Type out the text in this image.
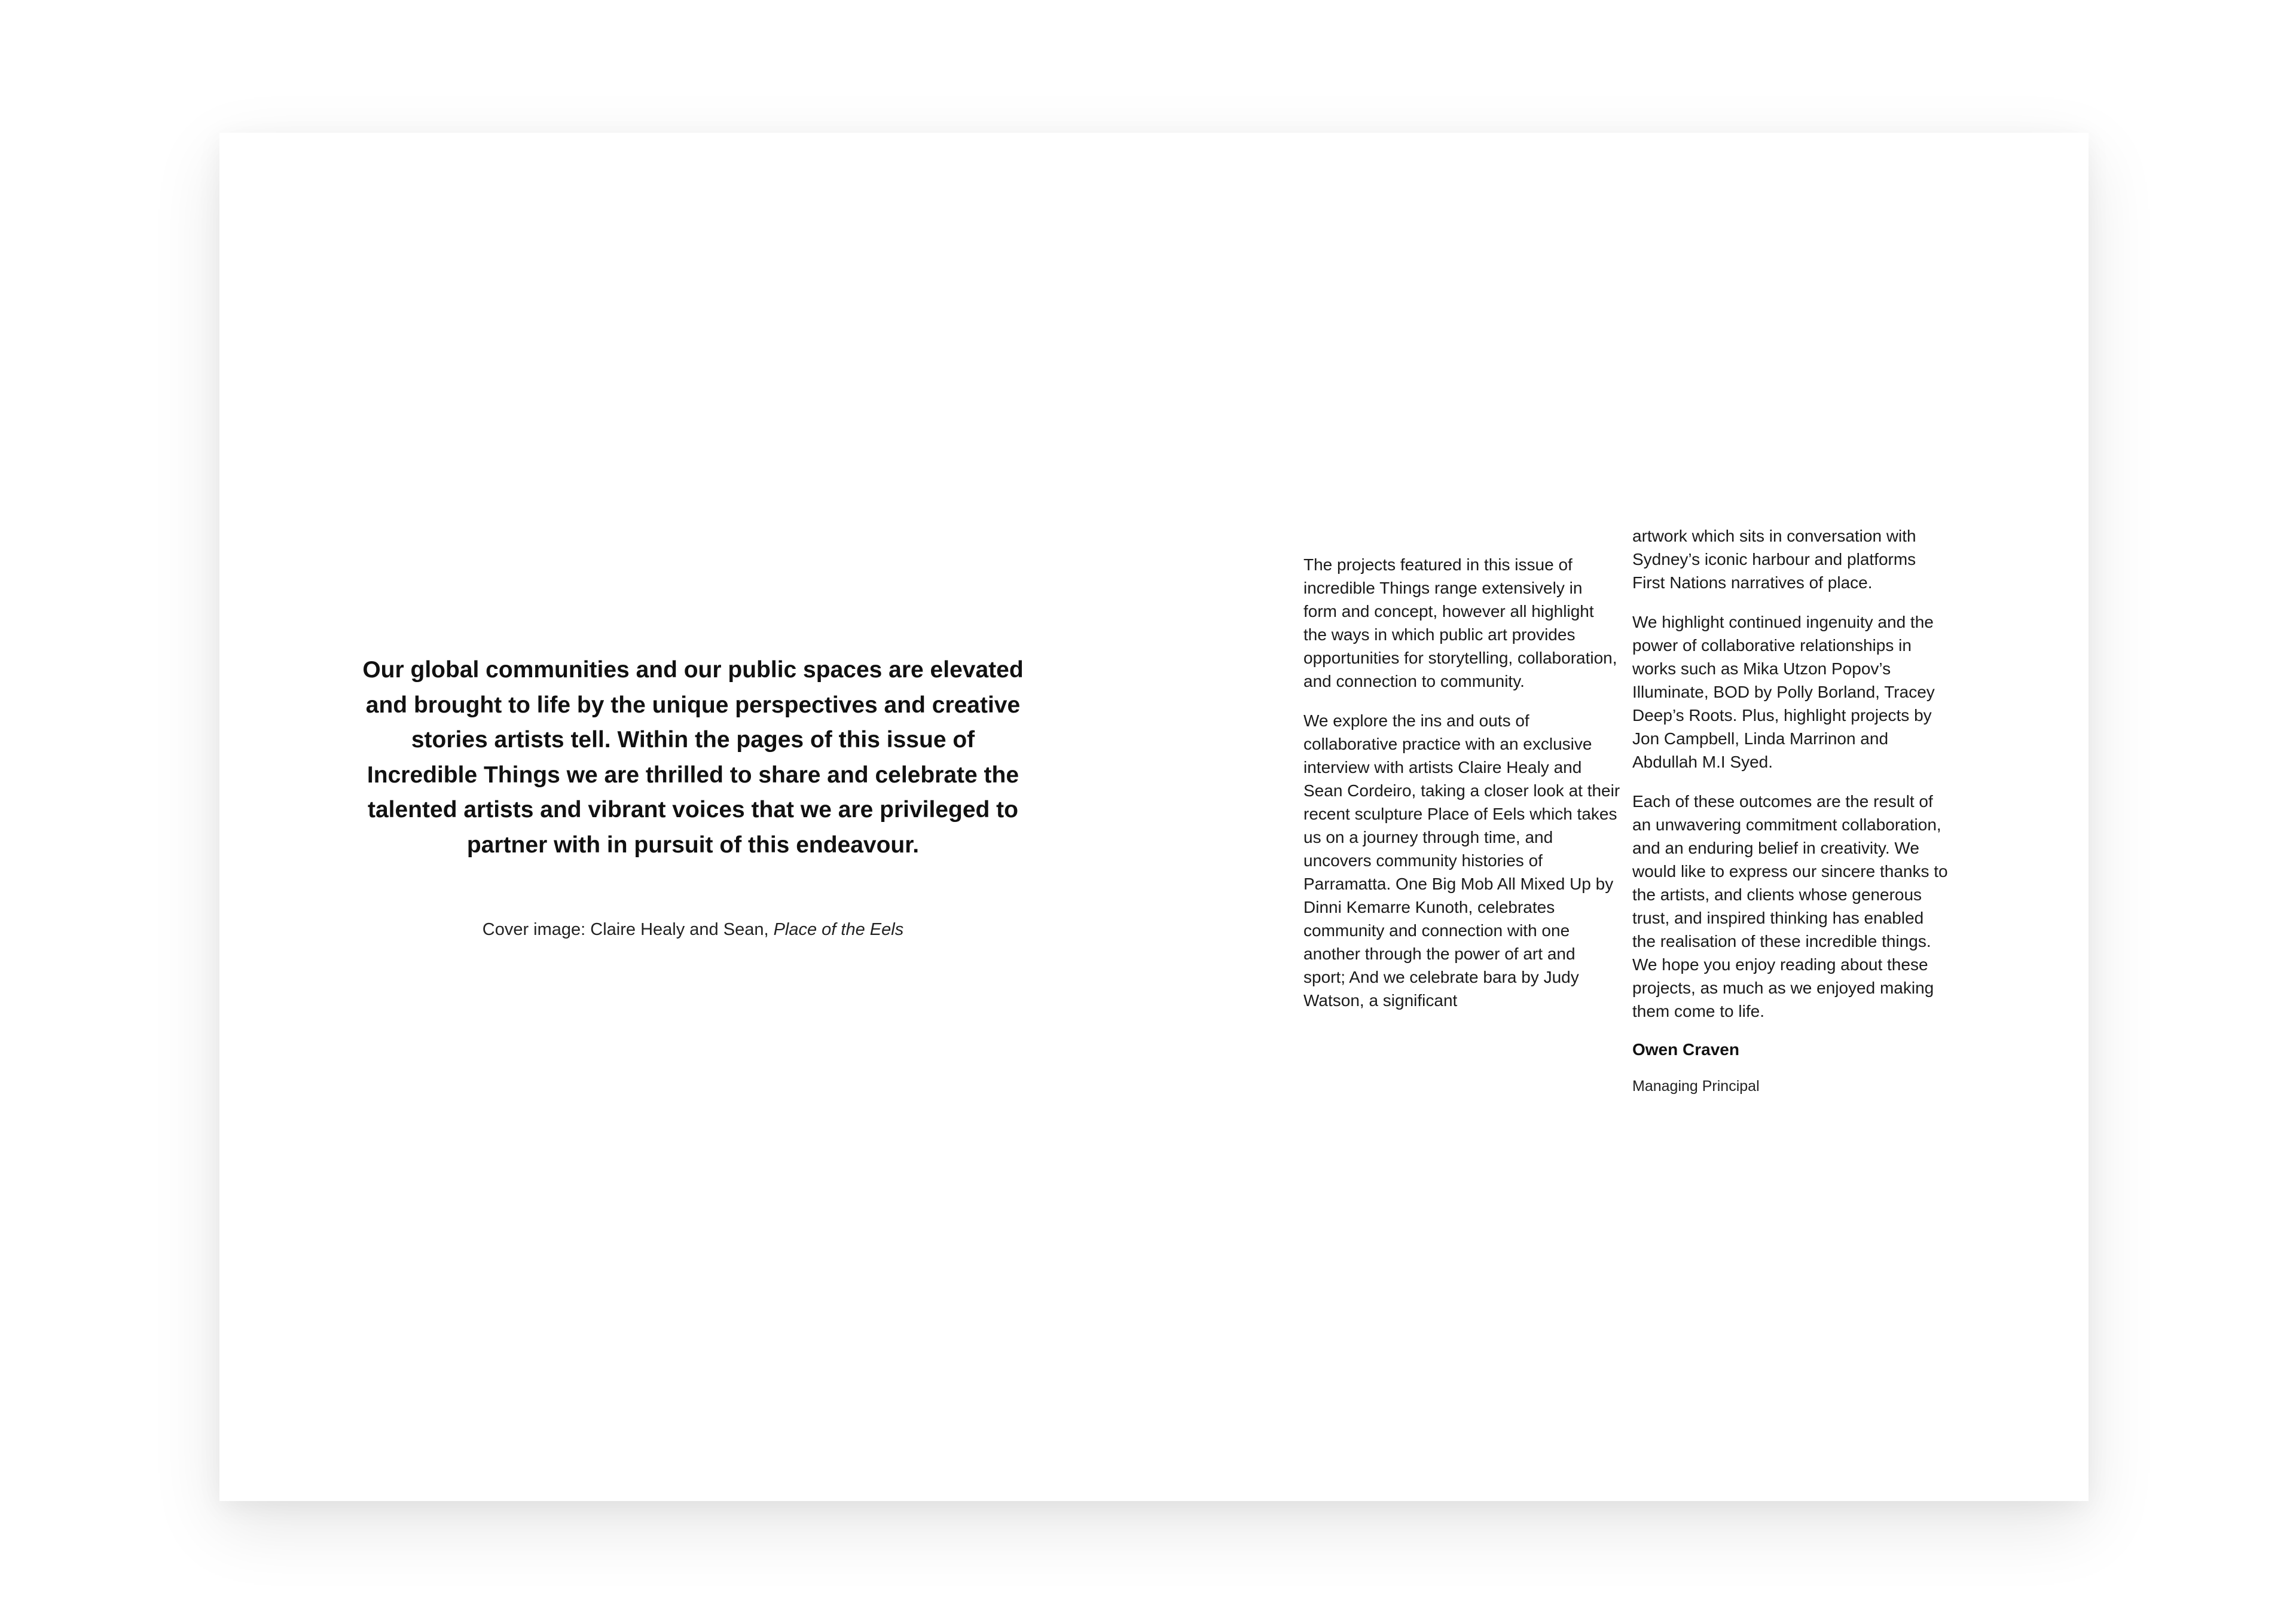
Our global communities and our public spaces are elevated and brought to life by the unique perspectives and creative stories artists tell. Within the pages of this issue of Incredible Things we are thrilled to share and celebrate the talented artists and vibrant voices that we are privileged to partner with in pursuit of this endeavour.

Cover image: Claire Healy and Sean, Place of the Eels

The projects featured in this issue of incredible Things range extensively in form and concept, however all highlight the ways in which public art provides opportunities for storytelling, collaboration, and connection to community.

We explore the ins and outs of collaborative practice with an exclusive interview with artists Claire Healy and Sean Cordeiro, taking a closer look at their recent sculpture Place of Eels which takes us on a journey through time, and uncovers community histories of Parramatta. One Big Mob All Mixed Up by Dinni Kemarre Kunoth, celebrates community and connection with one another through the power of art and sport; And we celebrate bara by Judy Watson, a significant

artwork which sits in conversation with Sydney’s iconic harbour and platforms First Nations narratives of place.

We highlight continued ingenuity and the power of collaborative relationships in works such as Mika Utzon Popov’s Illuminate, BOD by Polly Borland, Tracey Deep’s Roots. Plus, highlight projects by Jon Campbell, Linda Marrinon and Abdullah M.I Syed.

Each of these outcomes are the result of an unwavering commitment collaboration, and an enduring belief in creativity. We would like to express our sincere thanks to the artists, and clients whose generous trust, and inspired thinking has enabled the realisation of these incredible things. We hope you enjoy reading about these projects, as much as we enjoyed making them come to life.

Owen Craven

Managing Principal
